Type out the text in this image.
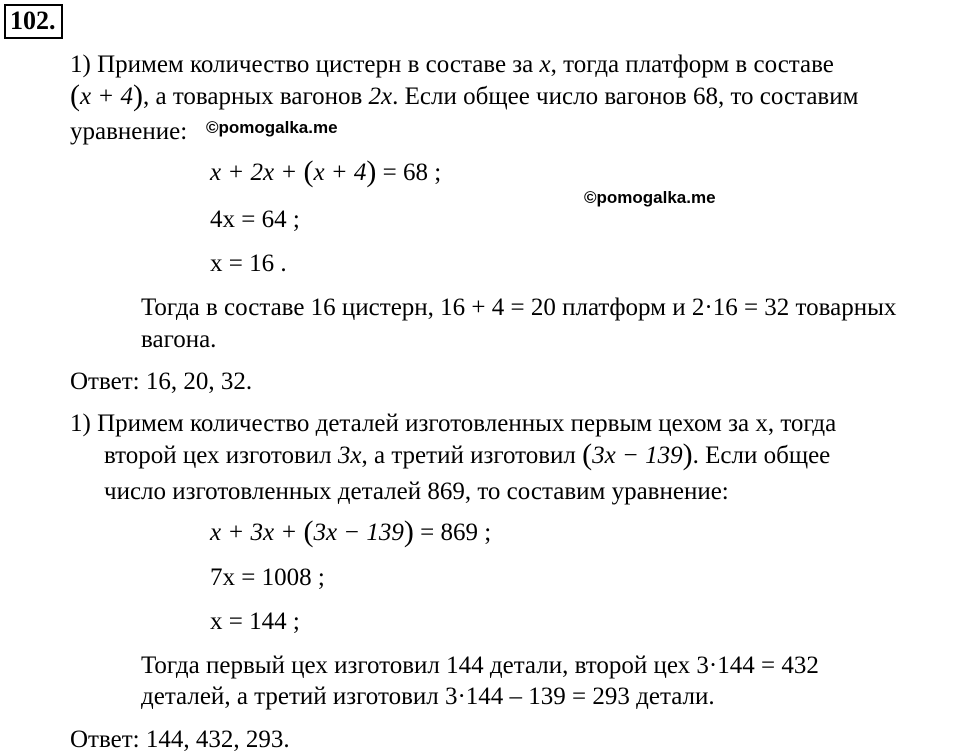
102.
1) Примем количество цистерн в составе за x, тогда платформ в составе
(x + 4), а товарных вагонов 2x. Если общее число вагонов 68, то составим
уравнение: ©pomogalka.me
x + 2x + (x + 4) = 68 ;
©pomogalka.me
4x = 64 ;
x = 16 .
Тогда в составе 16 цистерн, 16 + 4 = 20 платформ и 2·16 = 32 товарных
вагона.
Ответ: 16, 20, 32.
1) Примем количество деталей изготовленных первым цехом за х, тогда
второй цех изготовил 3x, а третий изготовил (3x − 139). Если общее
число изготовленных деталей 869, то составим уравнение:
x + 3x + (3x − 139) = 869 ;
7x = 1008 ;
x = 144 ;
Тогда первый цех изготовил 144 детали, второй цех 3·144 = 432
деталей, а третий изготовил 3·144 – 139 = 293 детали.
Ответ: 144, 432, 293.
